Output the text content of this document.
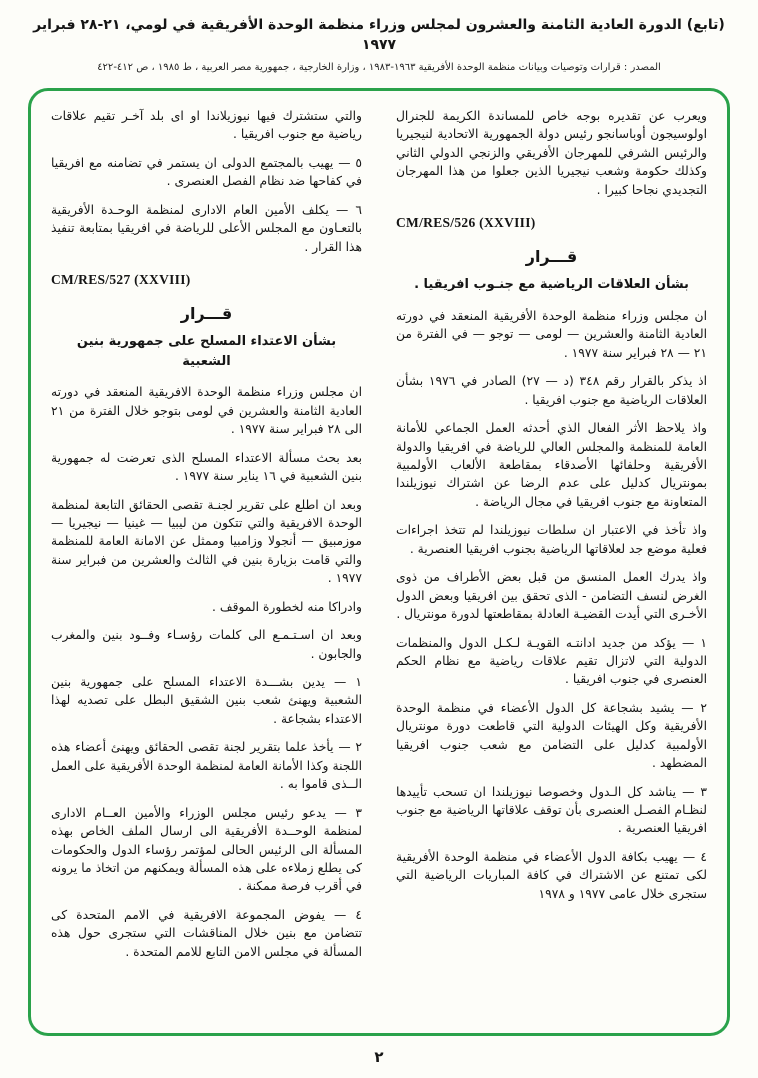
(تابع) الدورة العادية الثامنة والعشرون لمجلس وزراء منظمة الوحدة الأفريقية في لومي، ٢١-٢٨ فبراير ١٩٧٧
المصدر : قرارات وتوصيات وبيانات منظمة الوحدة الأفريقية ١٩٦٣-١٩٨٣ ، وزارة الخارجية ، جمهورية مصر العربية ، ط ١٩٨٥ ، ص ٤١٢-٤٢٢
ويعرب عن تقديره بوجه خاص للمساندة الكريمة للجنرال اولوسيجون أوباسانجو رئيس دولة الجمهورية الاتحادية لنيجيريا والرئيس الشرفي للمهرجان الأفريقي والزنجي الدولي الثاني وكذلك حكومة وشعب نيجيريا الذين جعلوا من هذا المهرجان التجديدي نجاحا كبيرا .
CM/RES/526 (XXVIII)
قـــرار
بشأن العلاقات الرياضية مع جنـوب افريقيا .
ان مجلس وزراء منظمة الوحدة الأفريقية المنعقد في دورته العادية الثامنة والعشرين — لومى — توجو — في الفترة من ٢١ — ٢٨ فبراير سنة ١٩٧٧ .
اذ يذكر بالقرار رقم ٣٤٨ (د — ٢٧) الصادر في ١٩٧٦ بشأن العلاقات الرياضية مع جنوب افريقيا .
واذ يلاحظ الأثر الفعال الذي أحدثه العمل الجماعي للأمانة العامة للمنظمة والمجلس العالي للرياضة في افريقيا والدولة الأفريقية وحلفائها الأصدقاء بمقاطعة الألعاب الأولمبية بمونتريال كدليل على عدم الرضا عن اشتراك نيوزيلندا المتعاونة مع جنوب افريقيا في مجال الرياضة .
واذ تأخذ في الاعتبار ان سلطات نيوزيلندا لم تتخذ اجراءات فعلية موضع جد لعلاقاتها الرياضية بجنوب افريقيا العنصرية .
واذ يدرك العمل المنسق من قبل بعض الأطراف من ذوى الغرض لنسف التضامن - الذى تحقق بين افريقيا وبعض الدول الأخـرى التي أيدت القضيـة العادلة بمقاطعتها لدورة مونتريال .
١ — يؤكد من جديد ادانتـه القويـة لـكـل الدول والمنظمات الدولية التي لاتزال تقيم علاقات رياضية مع نظام الحكم العنصرى في جنوب افريقيا .
٢ — يشيد بشجاعة كل الدول الأعضاء في منظمة الوحدة الأفريقية وكل الهيئات الدولية التي قاطعت دورة مونتريال الأولمبية كدليل على التضامن مع شعب جنوب افريقيا المضطهد .
٣ — يناشد كل الـدول وخصوصا نيوزيلندا ان تسحب تأييدها لنظـام الفصـل العنصرى بأن توقف علاقاتها الرياضية مع جنوب افريقيا العنصرية .
٤ — يهيب بكافة الدول الأعضاء في منظمة الوحدة الأفريقية لكى تمتنع عن الاشتراك في كافة المباريات الرياضية التي ستجرى خلال عامى ١٩٧٧ و ١٩٧٨
والتي ستشترك فيها نيوزيلاندا او اى بلد آخـر تقيم علاقات رياضية مع جنوب افريقيا .
٥ — يهيب بالمجتمع الدولى ان يستمر في تضامنه مع افريقيا في كفاحها ضد نظام الفصل العنصرى .
٦ — يكلف الأمين العام الادارى لمنظمة الوحـدة الأفريقية بالتعـاون مع المجلس الأعلى للرياضة في افريقيا بمتابعة تنفيذ هذا القرار .
CM/RES/527 (XXVIII)
قـــرار
بشأن الاعتداء المسلح على جمهورية بنين الشعبية
ان مجلس وزراء منظمة الوحدة الافريقية المنعقد في دورته العادية الثامنة والعشرين في لومى بتوجو خلال الفترة من ٢١ الى ٢٨ فبراير سنة ١٩٧٧ .
بعد بحث مسألة الاعتداء المسلح الذى تعرضت له جمهورية بنين الشعبية في ١٦ يناير سنة ١٩٧٧ .
وبعد ان اطلع على تقرير لجنـة تقصى الحقائق التابعة لمنظمة الوحدة الافريقية والتي تتكون من ليبيا — غينيا — نيجيريا — موزمبيق — أنجولا وزامبيا وممثل عن الامانة العامة للمنظمة والتي قامت بزيارة بنين في الثالث والعشرين من فبراير سنة ١٩٧٧ .
وادراكا منه لخطورة الموقف .
وبعد ان اسـتـمـع الى كلمات رؤسـاء وفــود بنين والمغرب والجابون .
١ — يدين بشـــدة الاعتداء المسلح على جمهورية بنين الشعبية ويهنئ شعب بنين الشقيق البطل على تصديه لهذا الاعتداء بشجاعة .
٢ — يأخذ علما بتقرير لجنة تقصى الحقائق ويهنئ أعضاء هذه اللجنة وكذا الأمانة العامة لمنظمة الوحدة الأفريقية على العمل الــذى قاموا به .
٣ — يدعو رئيس مجلس الوزراء والأمين العــام الادارى لمنظمة الوحــدة الأفريقية الى ارسال الملف الخاص بهذه المسألة الى الرئيس الحالى لمؤتمر رؤساء الدول والحكومات كى يطلع زملاءه على هذه المسألة ويمكنهم من اتخاذ ما يرونه في أقرب فرصة ممكنة .
٤ — يفوض المجموعة الافريقية في الامم المتحدة كى تتضامن مع بنين خلال المناقشات التي ستجرى حول هذه المسألة في مجلس الامن التابع للامم المتحدة .
٢
